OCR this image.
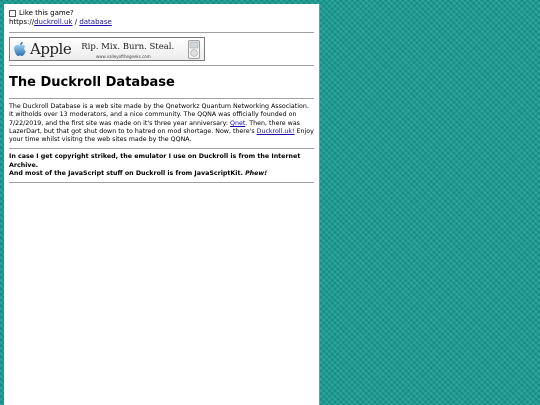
Like this game?
https://duckroll.uk / database
Apple Rip. Mix. Burn. Steal.
www.valleyofthegeeks.com
The Duckroll Database

The Duckroll Database is a web site made by the Qnetworkz Quantum Networking Association. It witholds over 13 moderators, and a nice community. The QQNA was officially founded on 7/22/2019, and the first site was made on it's three year anniversary: Qnet. Then, there was LazerDart, but that got shut down to to hatred on mod shortage. Now, there's Duckroll.uk! Enjoy your time whilst visitng the web sites made by the QQNA.

In case I get copyright striked, the emulator I use on Duckroll is from the Internet Archive.
And most of the JavaScript stuff on Duckroll is from JavaScriptKit. Phew!
